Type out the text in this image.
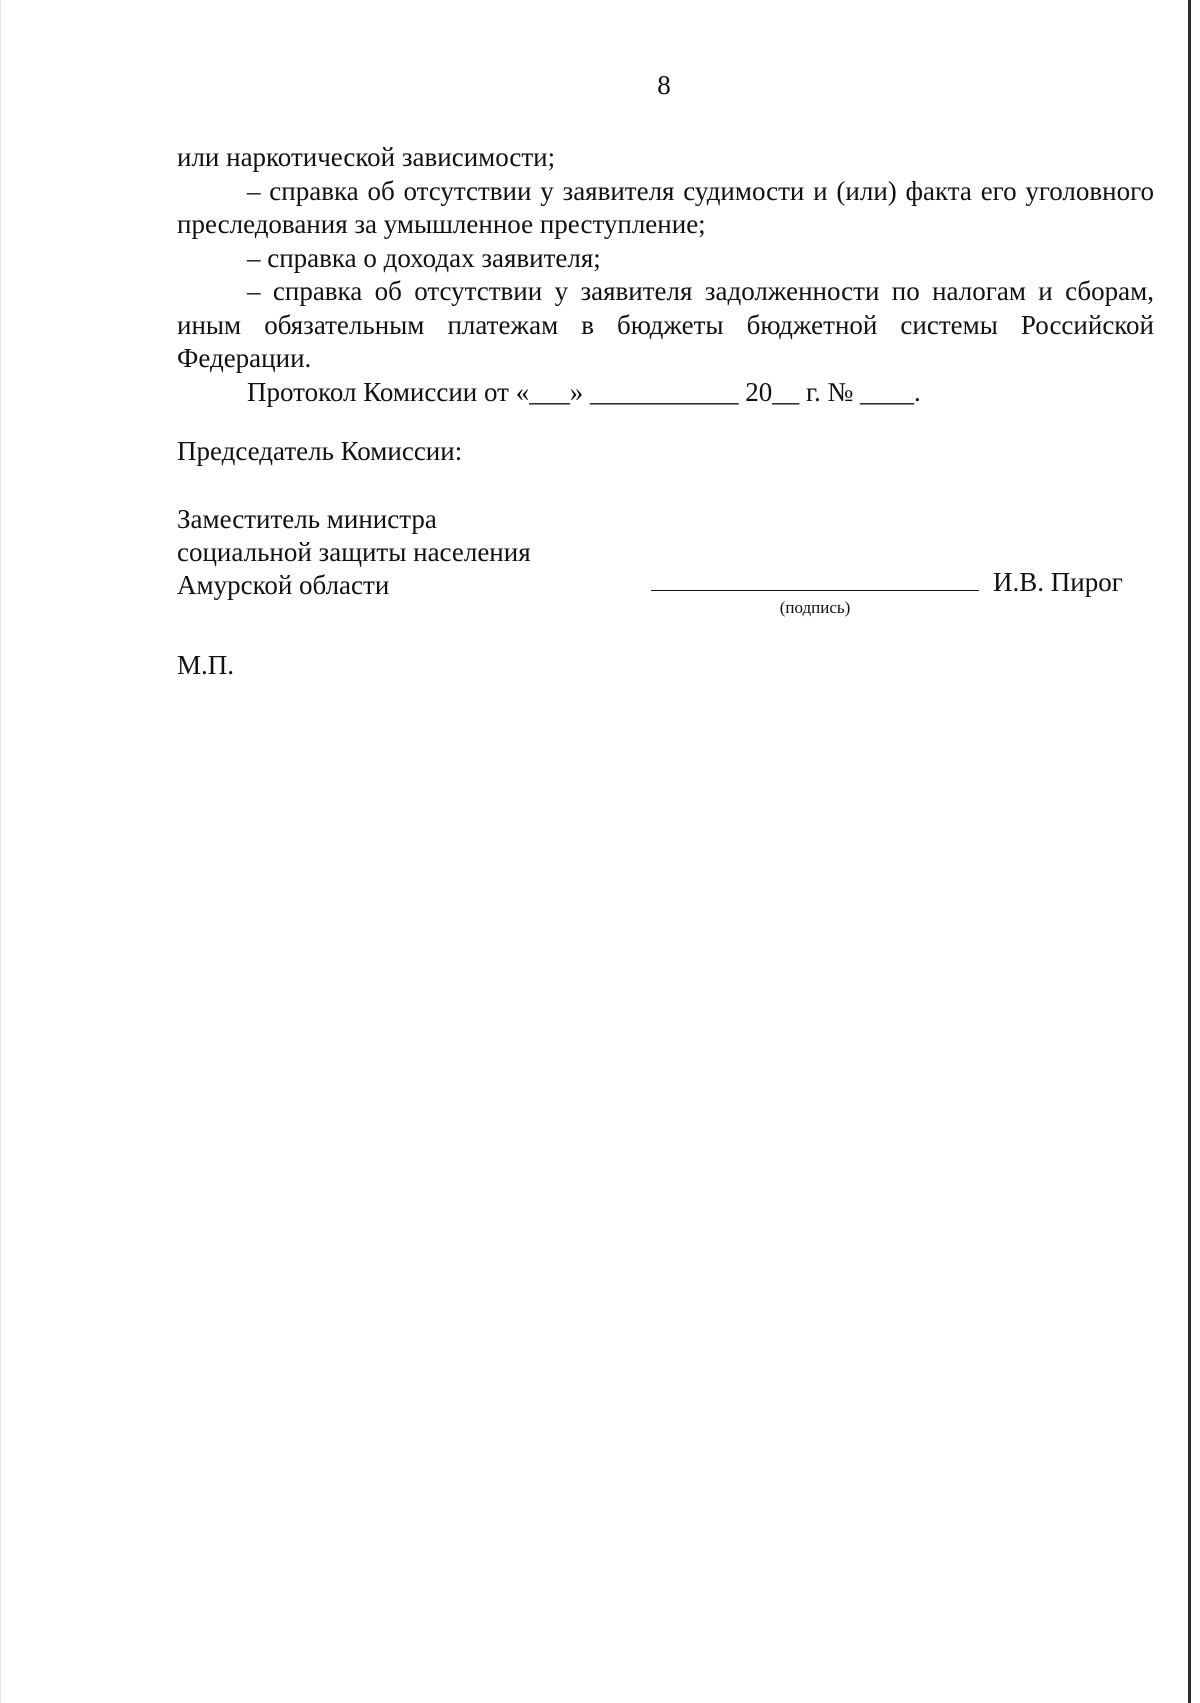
8

или наркотической зависимости;

– справка об отсутствии у заявителя судимости и (или) факта его уголовного преследования за умышленное преступление;

– справка о доходах заявителя;

– справка об отсутствии у заявителя задолженности по налогам и сборам, иным обязательным платежам в бюджеты бюджетной системы Российской Федерации.

Протокол Комиссии от «___» ___________ 20__ г. № ____.

Председатель Комиссии:
Заместитель министра
социальной защиты населения
Амурской области
(подпись)
И.В. Пирог
М.П.
